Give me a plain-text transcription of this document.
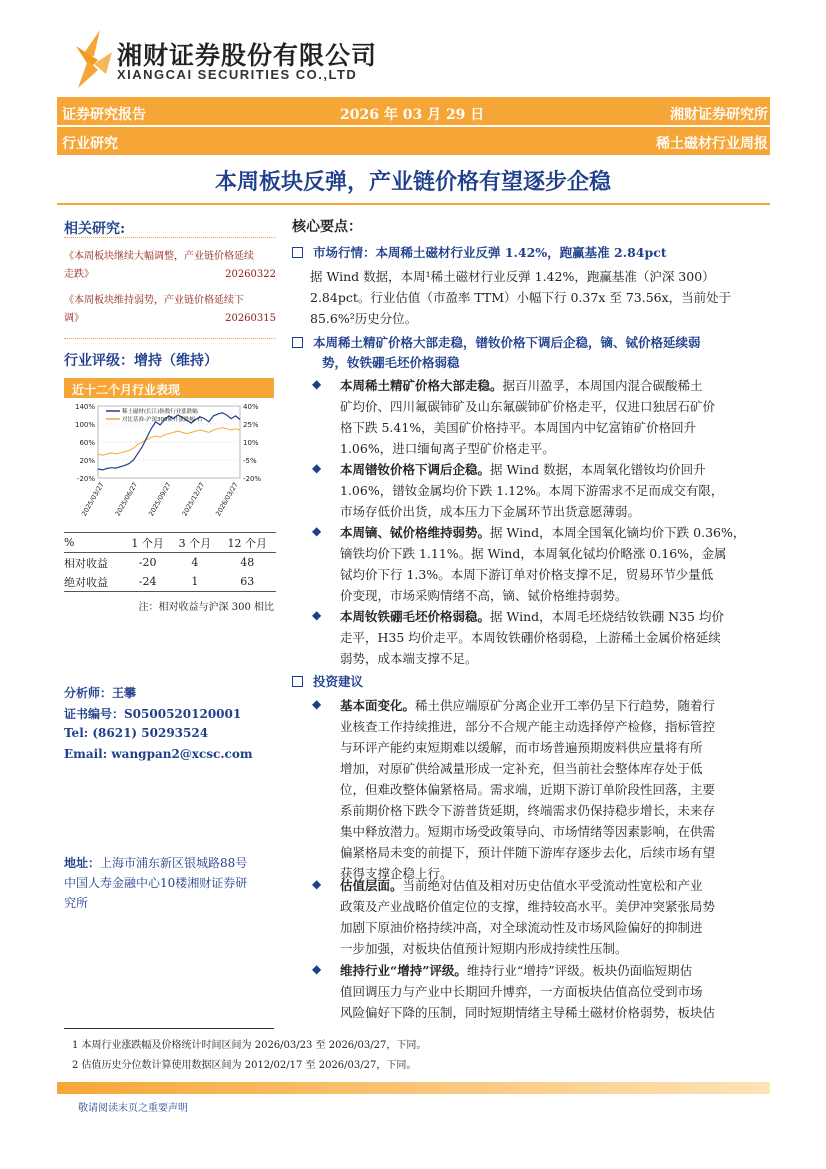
湘财证券股份有限公司
XIANGCAI SECURITIES CO.,LTD
证券研究报告	2026 年 03 月 29 日	湘财证券研究所
行业研究	稀土磁材行业周报
本周板块反弹，产业链价格有望逐步企稳
相关研究:
《本周板块继续大幅调整，产业链价格延续
走跌》	20260322
《本周板块维持弱势，产业链价格延续下
调》	20260315
行业评级：增持（维持）
近十二个月行业表现
140%	40%
100%	25%
60%	10%
20%	-5%
-20%	-20%
稀土磁材(长江)指数行业涨跌幅
对比基准-沪深300累计涨跌幅-右
2025/03/27 2025/06/27 2025/09/27 2025/12/27 2026/03/27
%	1 个月	3 个月	12 个月
相对收益	-20	4	48
绝对收益	-24	1	63
注：相对收益与沪深 300 相比
分析师：王攀
证书编号：S0500520120001
Tel: (8621) 50293524
Email: wangpan2@xcsc.com
地址：上海市浦东新区银城路88号
中国人寿金融中心10楼湘财证券研
究所
核心要点：
市场行情：本周稀土磁材行业反弹 1.42%，跑赢基准 2.84pct
据 Wind 数据，本周¹稀土磁材行业反弹 1.42%，跑赢基准（沪深 300）
2.84pct。行业估值（市盈率 TTM）小幅下行 0.37x 至 73.56x，当前处于
85.6%²历史分位。
本周稀土精矿价格大部走稳，镨钕价格下调后企稳，镝、铽价格延续弱
势，钕铁硼毛坯价格弱稳
◆ 本周稀土精矿价格大部走稳。据百川盈孚，本周国内混合碳酸稀土
矿均价、四川氟碳铈矿及山东氟碳铈矿价格走平，仅进口独居石矿价
格下跌 5.41%，美国矿价格持平。本周国内中钇富铕矿价格回升
1.06%，进口缅甸离子型矿价格走平。
◆ 本周镨钕价格下调后企稳。据 Wind 数据，本周氧化镨钕均价回升
1.06%，镨钕金属均价下跌 1.12%。本周下游需求不足而成交有限，
市场存低价出货，成本压力下金属环节出货意愿薄弱。
◆ 本周镝、铽价格维持弱势。据 Wind，本周全国氧化镝均价下跌 0.36%，
镝铁均价下跌 1.11%。据 Wind，本周氧化铽均价略涨 0.16%，金属
铽均价下行 1.3%。本周下游订单对价格支撑不足，贸易环节少量低
价变现，市场采购情绪不高，镝、铽价格维持弱势。
◆ 本周钕铁硼毛坯价格弱稳。据 Wind，本周毛坯烧结钕铁硼 N35 均价
走平，H35 均价走平。本周钕铁硼价格弱稳，上游稀土金属价格延续
弱势，成本端支撑不足。
投资建议
◆ 基本面变化。稀土供应端原矿分离企业开工率仍呈下行趋势，随着行
业核查工作持续推进，部分不合规产能主动选择停产检修，指标管控
与环评产能约束短期难以缓解，而市场普遍预期废料供应量将有所
增加，对原矿供给减量形成一定补充，但当前社会整体库存处于低
位，但难改整体偏紧格局。需求端，近期下游订单阶段性回落，主要
系前期价格下跌令下游普货延期，终端需求仍保持稳步增长，未来存
集中释放潜力。短期市场受政策导向、市场情绪等因素影响，在供需
偏紧格局未变的前提下，预计伴随下游库存逐步去化，后续市场有望
获得支撑企稳上行。
◆ 估值层面。当前绝对估值及相对历史估值水平受流动性宽松和产业
政策及产业战略价值定位的支撑，维持较高水平。美伊冲突紧张局势
加剧下原油价格持续冲高，对全球流动性及市场风险偏好的抑制进
一步加强，对板块估值预计短期内形成持续性压制。
◆ 维持行业“增持”评级。维持行业“增持”评级。板块仍面临短期估
值回调压力与产业中长期回升博弈，一方面板块估值高位受到市场
风险偏好下降的压制，同时短期情绪主导稀土磁材价格弱势，板块估
1 本周行业涨跌幅及价格统计时间区间为 2026/03/23 至 2026/03/27，下同。
2 估值历史分位数计算使用数据区间为 2012/02/17 至 2026/03/27，下同。
敬请阅读末页之重要声明
